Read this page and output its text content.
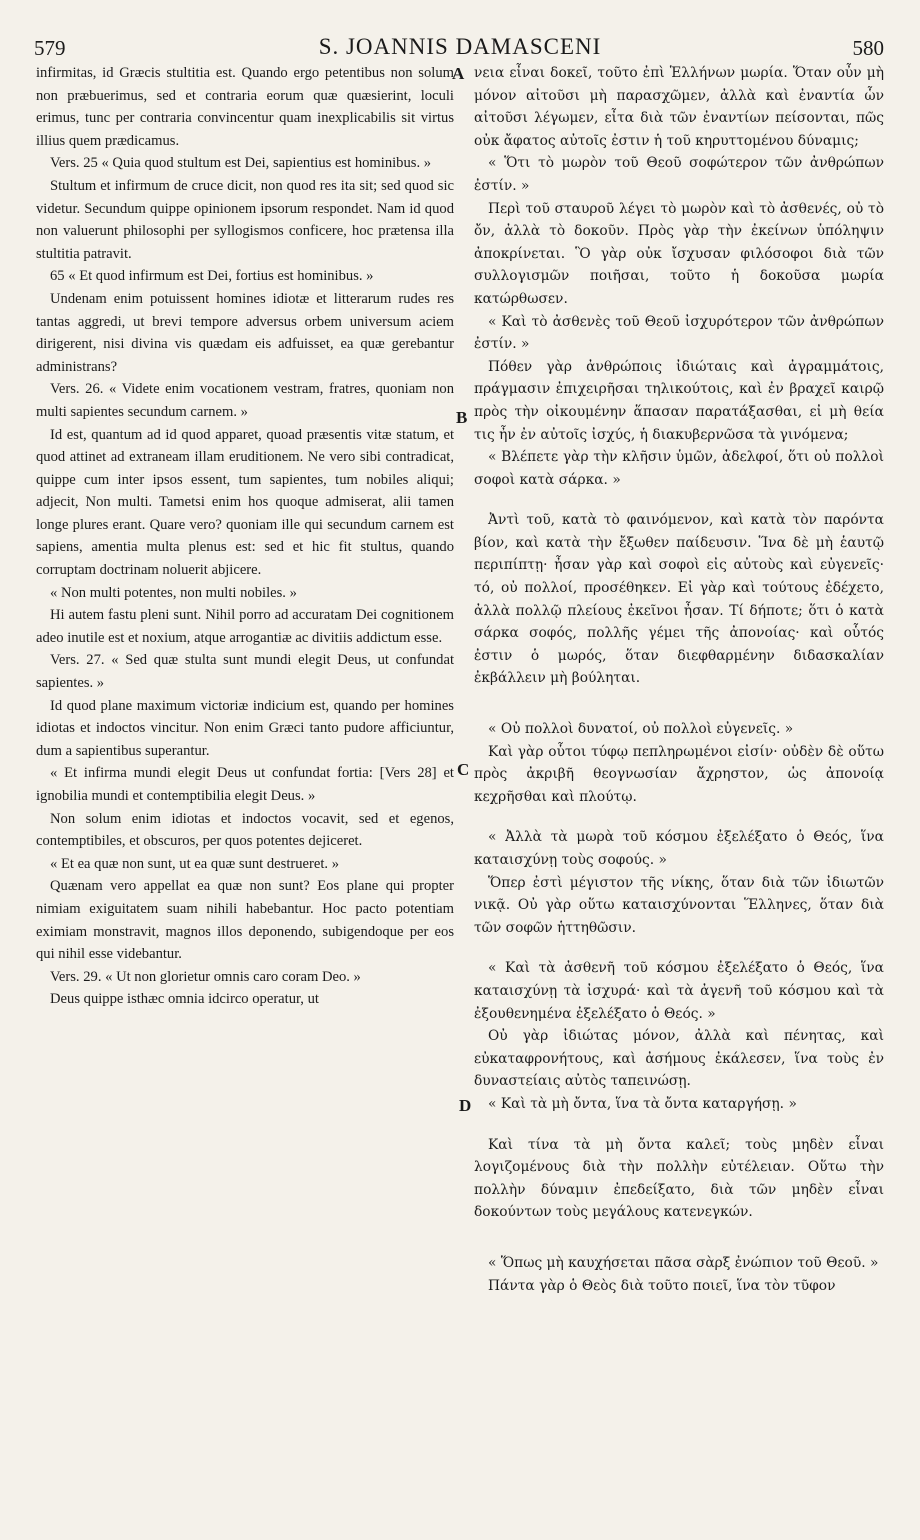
579	S. JOANNIS DAMASCENI	580
A
B
C
D

infirmitas, id Græcis stultitia est. Quando ergo petentibus non solum non præbuerimus, sed et contraria eorum quæ quæsierint, loculi erimus, tunc per contraria convincentur quam inexplicabilis sit virtus illius quem prædicamus.

Vers. 25 « Quia quod stultum est Dei, sapientius est hominibus. »

Stultum et infirmum de cruce dicit, non quod res ita sit; sed quod sic videtur. Secundum quippe opinionem ipsorum respondet. Nam id quod non valuerunt philosophi per syllogismos conficere, hoc prætensa illa stultitia patravit.

65 « Et quod infirmum est Dei, fortius est hominibus. »

Undenam enim potuissent homines idiotæ et litterarum rudes res tantas aggredi, ut brevi tempore adversus orbem universum aciem dirigerent, nisi divina vis quædam eis adfuisset, ea quæ gerebantur administrans?

Vers. 26. « Videte enim vocationem vestram, fratres, quoniam non multi sapientes secundum carnem. »

Id est, quantum ad id quod apparet, quoad præsentis vitæ statum, et quod attinet ad extraneam illam eruditionem. Ne vero sibi contradicat, quippe cum inter ipsos essent, tum sapientes, tum nobiles aliqui; adjecit, Non multi. Tametsi enim hos quoque admiserat, alii tamen longe plures erant. Quare vero? quoniam ille qui secundum carnem est sapiens, amentia multa plenus est: sed et hic fit stultus, quando corruptam doctrinam noluerit abjicere.

« Non multi potentes, non multi nobiles. »

Hi autem fastu pleni sunt. Nihil porro ad accuratam Dei cognitionem adeo inutile est et noxium, atque arrogantiæ ac divitiis addictum esse.

Vers. 27. « Sed quæ stulta sunt mundi elegit Deus, ut confundat sapientes. »

Id quod plane maximum victoriæ indicium est, quando per homines idiotas et indoctos vincitur. Non enim Græci tanto pudore afficiuntur, dum a sapientibus superantur.

« Et infirma mundi elegit Deus ut confundat fortia: [Vers 28] et ignobilia mundi et contemptibilia elegit Deus. »

Non solum enim idiotas et indoctos vocavit, sed et egenos, contemptibiles, et obscuros, per quos potentes dejiceret.

« Et ea quæ non sunt, ut ea quæ sunt destrueret. »

Quænam vero appellat ea quæ non sunt? Eos plane qui propter nimiam exiguitatem suam nihili habebantur. Hoc pacto potentiam eximiam monstravit, magnos illos deponendo, subigendoque per eos qui nihil esse videbantur.

Vers. 29. « Ut non glorietur omnis caro coram Deo. »

Deus quippe isthæc omnia idcirco operatur, ut

νεια εἶναι δοκεῖ, τοῦτο ἐπὶ Ἑλλήνων μωρία. Ὅταν οὖν μὴ μόνον αἰτοῦσι μὴ παρασχῶμεν, ἀλλὰ καὶ ἐναντία ὧν αἰτοῦσι λέγωμεν, εἶτα διὰ τῶν ἐναντίων πείσονται, πῶς οὐκ ἄφατος αὐτοῖς ἐστιν ἡ τοῦ κηρυττομένου δύναμις;

« Ὅτι τὸ μωρὸν τοῦ Θεοῦ σοφώτερον τῶν ἀνθρώπων ἐστίν. »

Περὶ τοῦ σταυροῦ λέγει τὸ μωρὸν καὶ τὸ ἀσθενές, οὐ τὸ ὄν, ἀλλὰ τὸ δοκοῦν. Πρὸς γὰρ τὴν ἐκείνων ὑπόληψιν ἀποκρίνεται. Ὃ γὰρ οὐκ ἴσχυσαν φιλόσοφοι διὰ τῶν συλλογισμῶν ποιῆσαι, τοῦτο ἡ δοκοῦσα μωρία κατώρθωσεν.

« Καὶ τὸ ἀσθενὲς τοῦ Θεοῦ ἰσχυρότερον τῶν ἀνθρώπων ἐστίν. »

Πόθεν γὰρ ἀνθρώποις ἰδιώταις καὶ ἀγραμμάτοις, πράγμασιν ἐπιχειρῆσαι τηλικούτοις, καὶ ἐν βραχεῖ καιρῷ πρὸς τὴν οἰκουμένην ἅπασαν παρατάξασθαι, εἰ μὴ θεία τις ἦν ἐν αὐτοῖς ἰσχύς, ἡ διακυβερνῶσα τὰ γινόμενα;

« Βλέπετε γὰρ τὴν κλῆσιν ὑμῶν, ἀδελφοί, ὅτι οὐ πολλοὶ σοφοὶ κατὰ σάρκα. »

Ἀντὶ τοῦ, κατὰ τὸ φαινόμενον, καὶ κατὰ τὸν παρόντα βίον, καὶ κατὰ τὴν ἔξωθεν παίδευσιν. Ἵνα δὲ μὴ ἑαυτῷ περιπίπτῃ· ἦσαν γὰρ καὶ σοφοὶ εἰς αὐτοὺς καὶ εὐγενεῖς· τό, οὐ πολλοί, προσέθηκεν. Εἰ γὰρ καὶ τούτους ἐδέχετο, ἀλλὰ πολλῷ πλείους ἐκεῖνοι ἦσαν. Τί δήποτε; ὅτι ὁ κατὰ σάρκα σοφός, πολλῆς γέμει τῆς ἀπονοίας· καὶ οὗτός ἐστιν ὁ μωρός, ὅταν διεφθαρμένην διδασκαλίαν ἐκβάλλειν μὴ βούληται.

« Οὐ πολλοὶ δυνατοί, οὐ πολλοὶ εὐγενεῖς. »

Καὶ γὰρ οὗτοι τύφῳ πεπληρωμένοι εἰσίν· οὐδὲν δὲ οὕτω πρὸς ἀκριβῆ θεογνωσίαν ἄχρηστον, ὡς ἀπονοίᾳ κεχρῆσθαι καὶ πλούτῳ.

« Ἀλλὰ τὰ μωρὰ τοῦ κόσμου ἐξελέξατο ὁ Θεός, ἵνα καταισχύνῃ τοὺς σοφούς. »

Ὅπερ ἐστὶ μέγιστον τῆς νίκης, ὅταν διὰ τῶν ἰδιωτῶν νικᾷ. Οὐ γὰρ οὕτω καταισχύνονται Ἕλληνες, ὅταν διὰ τῶν σοφῶν ἡττηθῶσιν.

« Καὶ τὰ ἀσθενῆ τοῦ κόσμου ἐξελέξατο ὁ Θεός, ἵνα καταισχύνῃ τὰ ἰσχυρά· καὶ τὰ ἀγενῆ τοῦ κόσμου καὶ τὰ ἐξουθενημένα ἐξελέξατο ὁ Θεός. »

Οὐ γὰρ ἰδιώτας μόνον, ἀλλὰ καὶ πένητας, καὶ εὐκαταφρονήτους, καὶ ἀσήμους ἐκάλεσεν, ἵνα τοὺς ἐν δυναστείαις αὐτὸς ταπεινώσῃ.

« Καὶ τὰ μὴ ὄντα, ἵνα τὰ ὄντα καταργήσῃ. »

Καὶ τίνα τὰ μὴ ὄντα καλεῖ; τοὺς μηδὲν εἶναι λογιζομένους διὰ τὴν πολλὴν εὐτέλειαν. Οὕτω τὴν πολλὴν δύναμιν ἐπεδείξατο, διὰ τῶν μηδὲν εἶναι δοκούντων τοὺς μεγάλους κατενεγκών.

« Ὅπως μὴ καυχήσεται πᾶσα σὰρξ ἐνώπιον τοῦ Θεοῦ. »

Πάντα γὰρ ὁ Θεὸς διὰ τοῦτο ποιεῖ, ἵνα τὸν τῦφον
